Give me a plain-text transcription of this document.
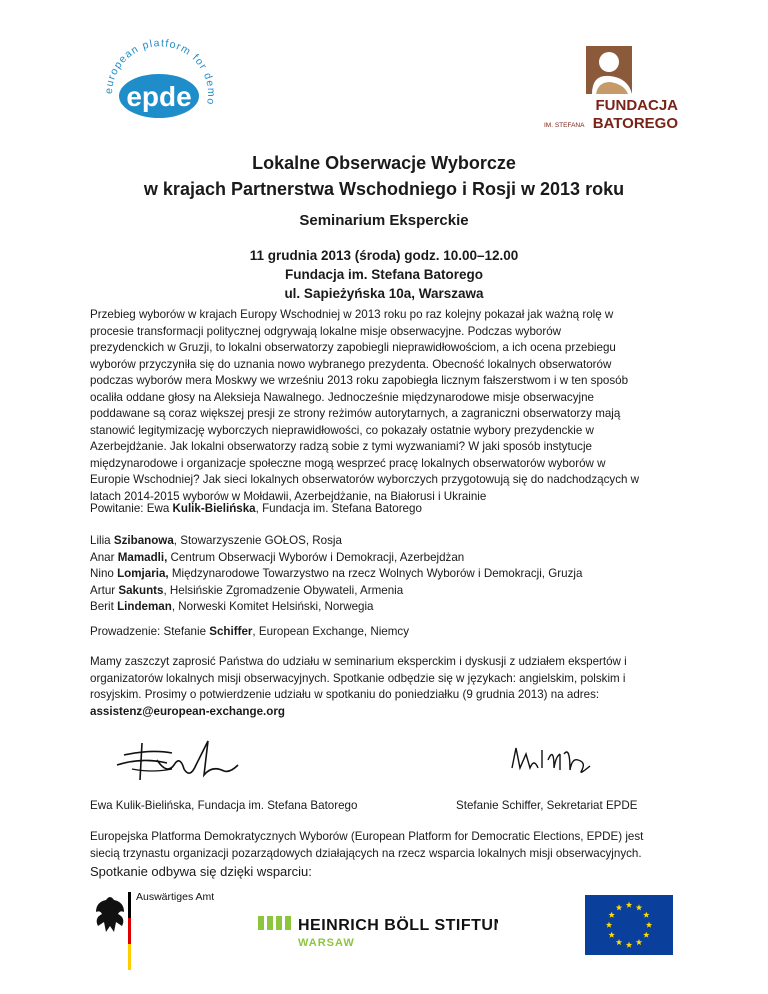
european platform for demo
epde	FUNDACJA
BATOREGO
IM. STEFANA
Lokalne Obserwacje Wyborcze
w krajach Partnerstwa Wschodniego i Rosji w 2013 roku
Seminarium Eksperckie
11 grudnia 2013 (środa) godz. 10.00–12.00
Fundacja im. Stefana Batorego
ul. Sapieżyńska 10a, Warszawa
Przebieg wyborów w krajach Europy Wschodniej w 2013 roku po raz kolejny pokazał jak ważną rolę w
procesie transformacji politycznej odgrywają lokalne misje obserwacyjne. Podczas wyborów
prezydenckich w Gruzji, to lokalni obserwatorzy zapobiegli nieprawidłowościom, a ich ocena przebiegu
wyborów przyczyniła się do uznania nowo wybranego prezydenta. Obecność lokalnych obserwatorów
podczas wyborów mera Moskwy we wrześniu 2013 roku zapobiegła licznym fałszerstwom i w ten sposób
ocaliła oddane głosy na Aleksieja Nawalnego. Jednocześnie międzynarodowe misje obserwacyjne
poddawane są coraz większej presji ze strony reżimów autorytarnych, a zagraniczni obserwatorzy mają
stanowić legitymizację wyborczych nieprawidłowości, co pokazały ostatnie wybory prezydenckie w
Azerbejdżanie. Jak lokalni obserwatorzy radzą sobie z tymi wyzwaniami? W jaki sposób instytucje
międzynarodowe i organizacje społeczne mogą wesprzeć pracę lokalnych obserwatorów wyborów w
Europie Wschodniej? Jak sieci lokalnych obserwatorów wyborczych przygotowują się do nadchodzących w
latach 2014-2015 wyborów w Mołdawii, Azerbejdżanie, na Białorusi i Ukrainie
Powitanie: Ewa Kulik-Bielińska, Fundacja im. Stefana Batorego
Lilia Szibanowa, Stowarzyszenie GOŁOS, Rosja
Anar Mamadli, Centrum Obserwacji Wyborów i Demokracji, Azerbejdżan
Nino Lomjaria, Międzynarodowe Towarzystwo na rzecz Wolnych Wyborów i Demokracji, Gruzja
Artur Sakunts, Helsińskie Zgromadzenie Obywateli, Armenia
Berit Lindeman, Norweski Komitet Helsiński, Norwegia
Prowadzenie: Stefanie Schiffer, European Exchange, Niemcy
Mamy zaszczyt zaprosić Państwa do udziału w seminarium eksperckim i dyskusji z udziałem ekspertów i
organizatorów lokalnych misji obserwacyjnych. Spotkanie odbędzie się w językach: angielskim, polskim i
rosyjskim. Prosimy o potwierdzenie udziału w spotkaniu do poniedziałku (9 grudnia 2013) na adres:
assistenz@european-exchange.org
Ewa Kulik-Bielińska, Fundacja im. Stefana Batorego	Stefanie Schiffer, Sekretariat EPDE
Europejska Platforma Demokratycznych Wyborów (European Platform for Democratic Elections, EPDE) jest
siecią trzynastu organizacji pozarządowych działających na rzecz wsparcia lokalnych misji obserwacyjnych.
Spotkanie odbywa się dzięki wsparciu:
Auswärtiges Amt
HEINRICH BÖLL STIFTUNG
WARSAW
